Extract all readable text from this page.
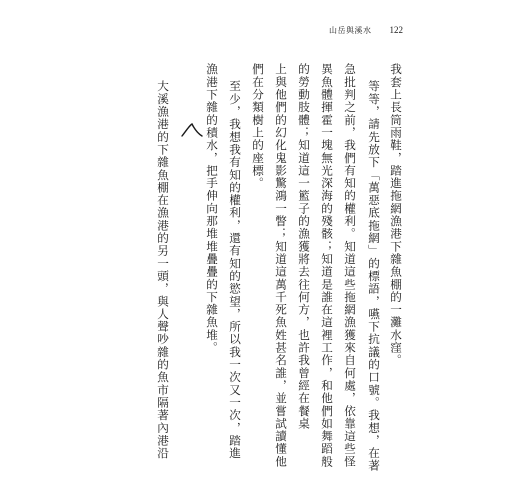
山岳與溪水 122
我套上長筒雨鞋，踏進拖網漁港下雜魚棚的一灘水窪。
等等，請先放下「萬惡底拖網」的標語，嚥下抗議的口號。我想，在著
急批判之前，我們有知的權利。知道這些拖網漁獲來自何處，依靠這些怪
異魚體揮霍一塊無光深海的殘骸；知道是誰在這裡工作，和他們如舞蹈般
的勞動肢體；知道這一籃子的漁獲將去往何方，也許我曾經在餐桌
上與他們的幻化鬼影驚鴻一瞥；知道這萬千死魚姓甚名誰，並嘗試讀懂他
們在分類樹上的座標。
至少，我想我有知的權利，還有知的慾望，所以我一次又一次，踏進
漁港下雜的積水，把手伸向那堆堆疊疊的下雜魚堆。
大溪漁港的下雜魚棚在漁港的另一頭，與人聲吵雜的魚市隔著內港沿
